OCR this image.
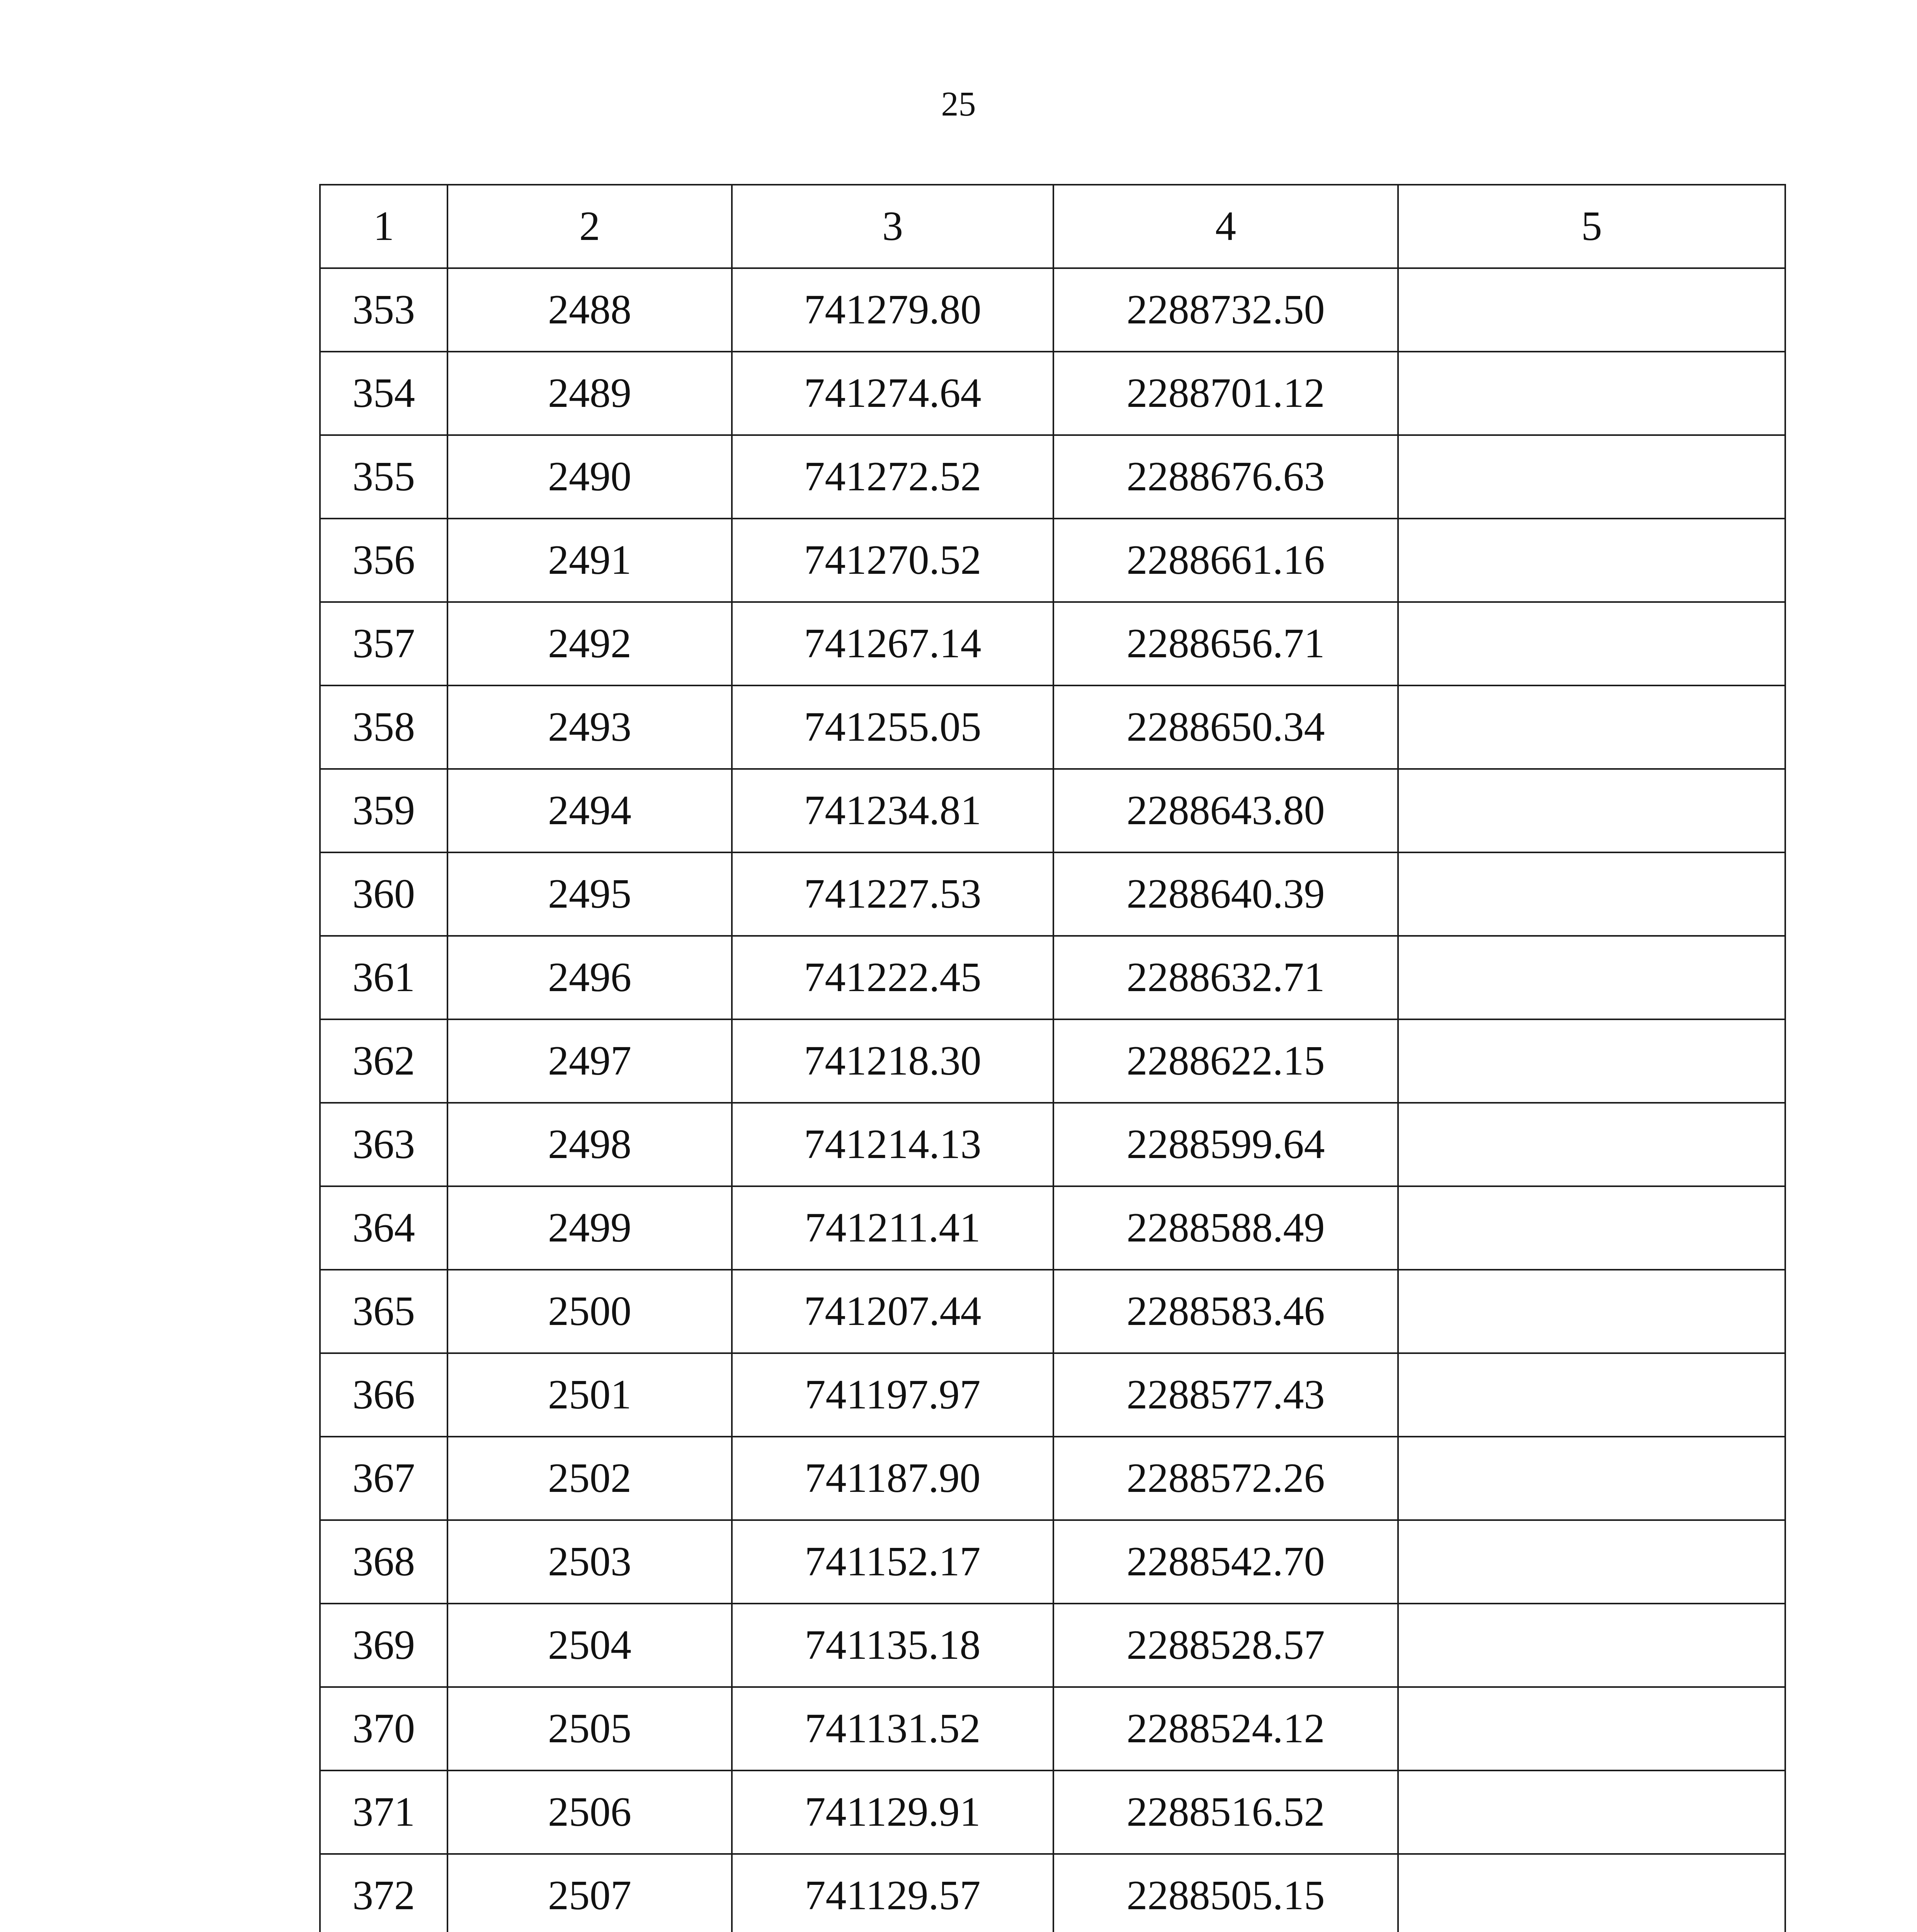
25
1	2	3	4	5
353	2488	741279.80	2288732.50	
354	2489	741274.64	2288701.12	
355	2490	741272.52	2288676.63	
356	2491	741270.52	2288661.16	
357	2492	741267.14	2288656.71	
358	2493	741255.05	2288650.34	
359	2494	741234.81	2288643.80	
360	2495	741227.53	2288640.39	
361	2496	741222.45	2288632.71	
362	2497	741218.30	2288622.15	
363	2498	741214.13	2288599.64	
364	2499	741211.41	2288588.49	
365	2500	741207.44	2288583.46	
366	2501	741197.97	2288577.43	
367	2502	741187.90	2288572.26	
368	2503	741152.17	2288542.70	
369	2504	741135.18	2288528.57	
370	2505	741131.52	2288524.12	
371	2506	741129.91	2288516.52	
372	2507	741129.57	2288505.15	
